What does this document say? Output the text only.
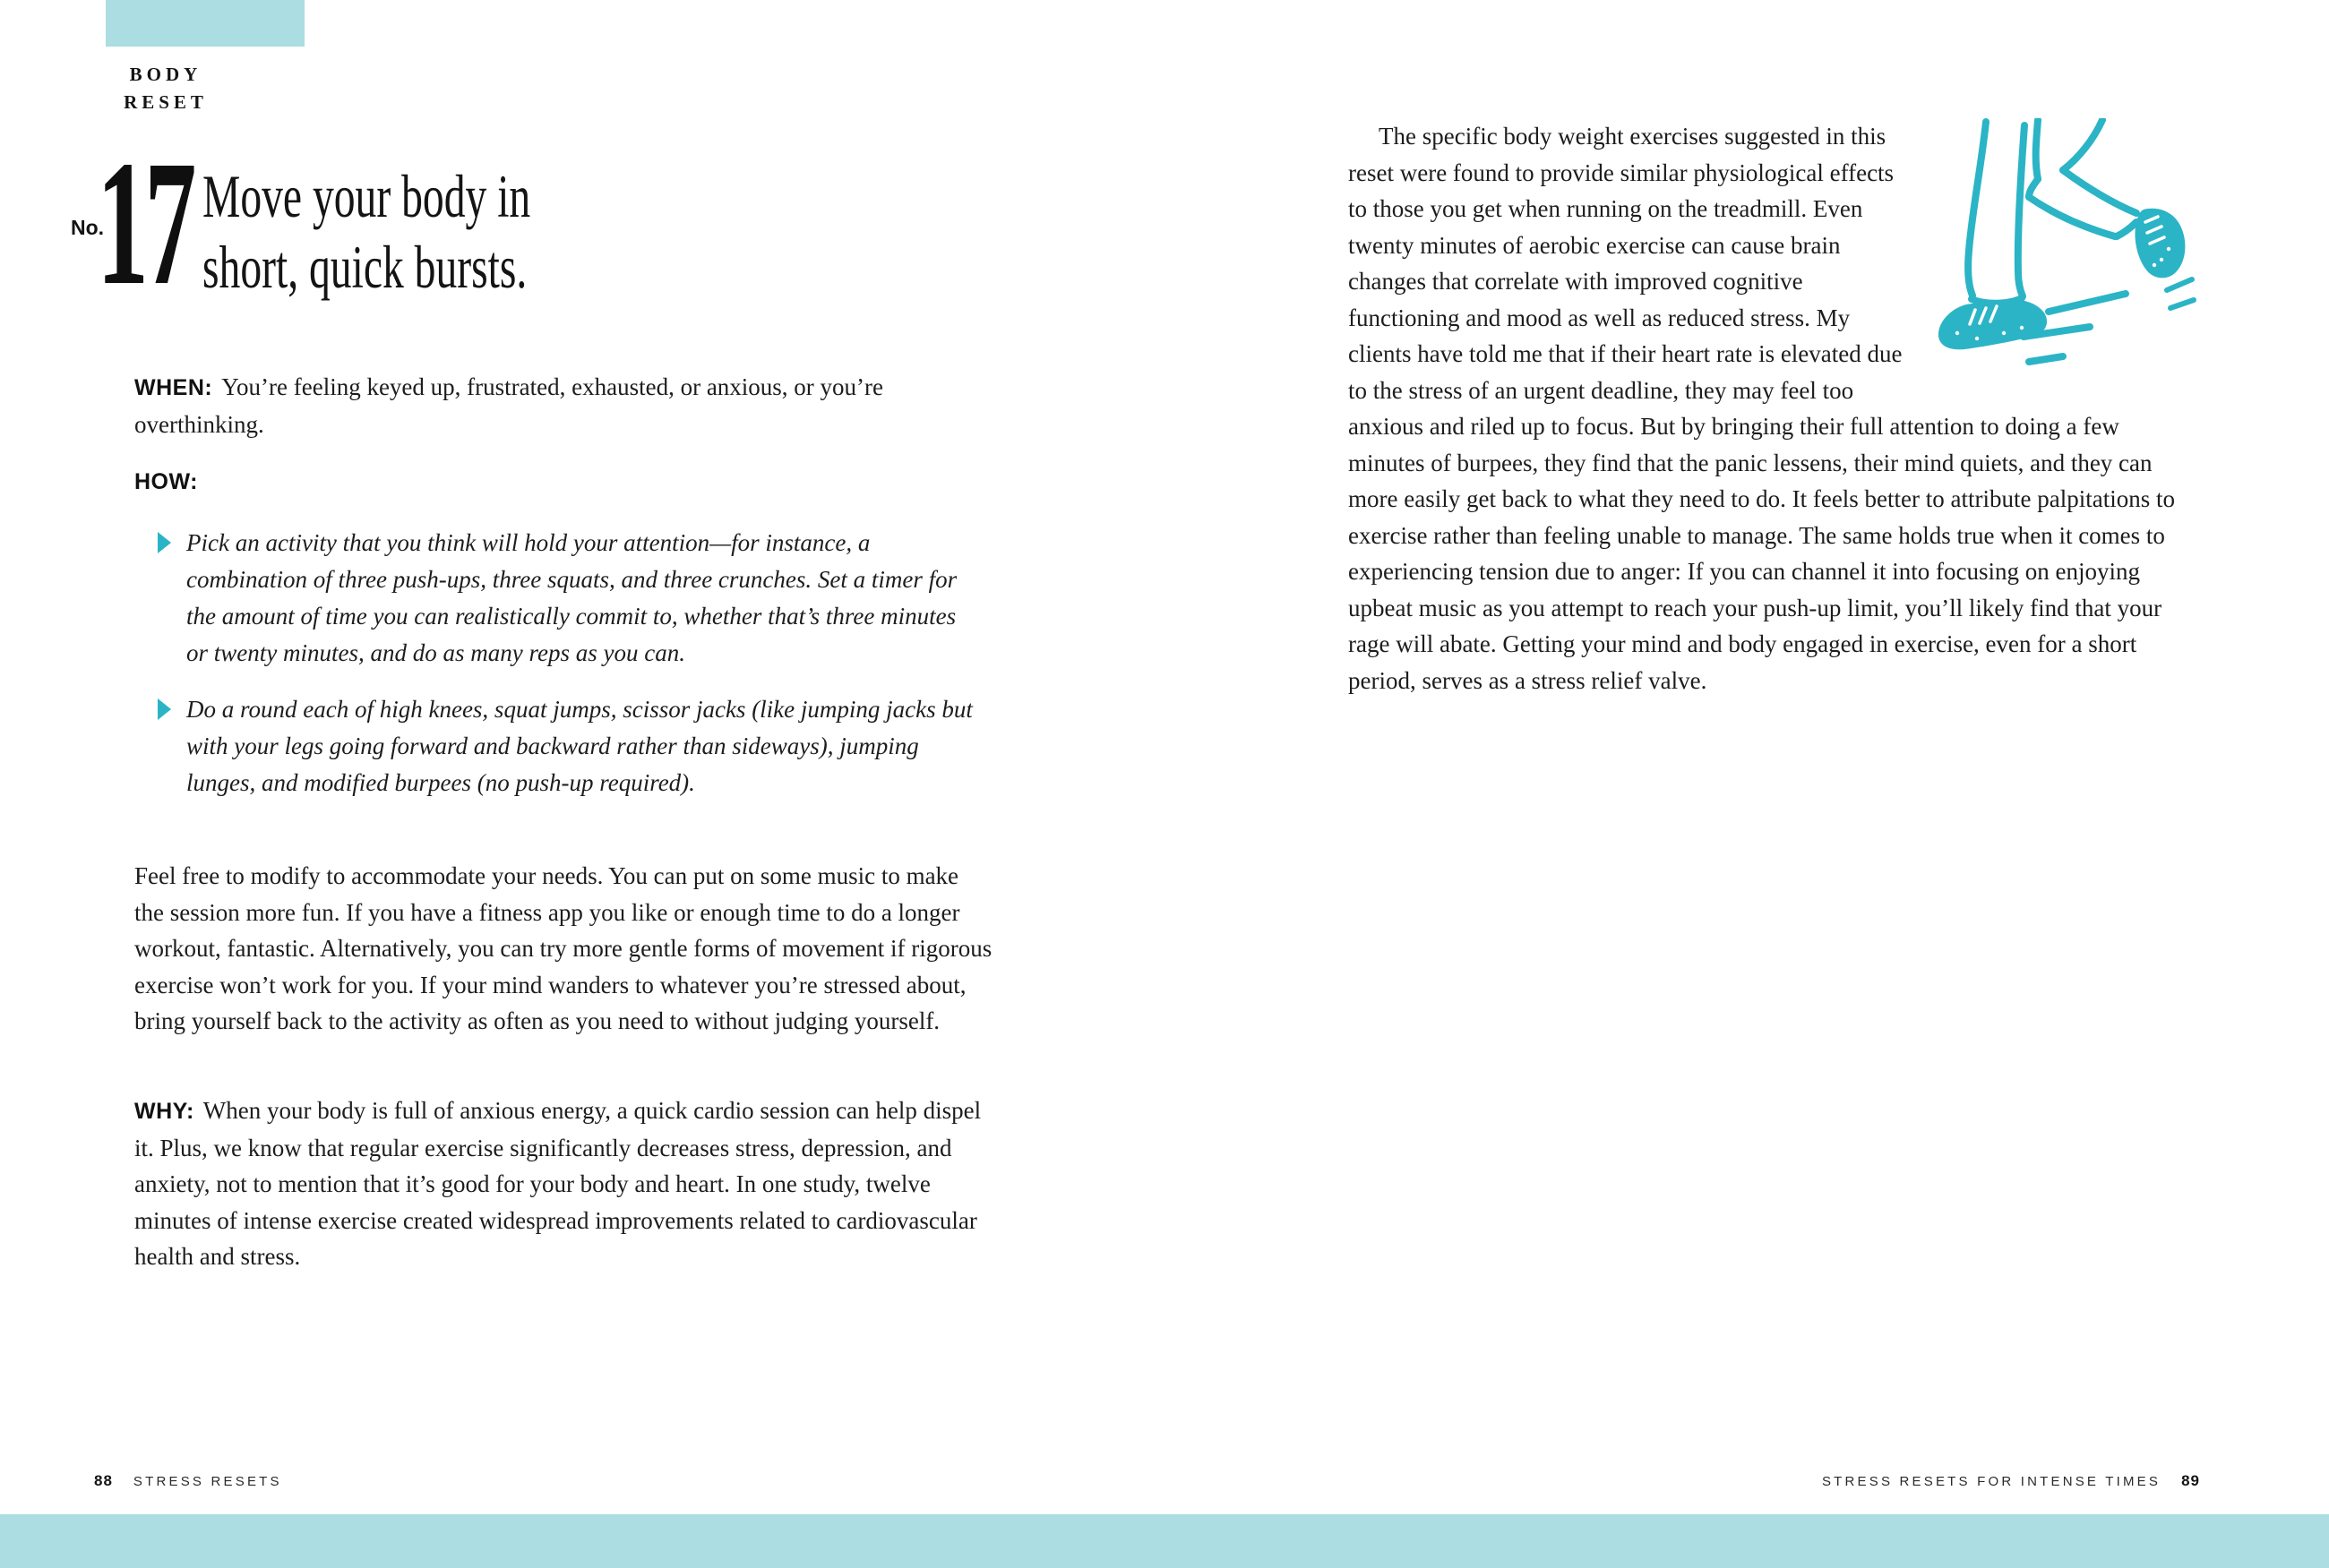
BODY
RESET
No.
17 Move your body in
short, quick bursts.

WHEN: You’re feeling keyed up, frustrated, exhausted, or anxious, or you’re overthinking.

HOW:

Pick an activity that you think will hold your attention—for instance, a combination of three push-ups, three squats, and three crunches. Set a timer for the amount of time you can realistically commit to, whether that’s three minutes or twenty minutes, and do as many reps as you can.
Do a round each of high knees, squat jumps, scissor jacks (like jumping jacks but with your legs going forward and backward rather than sideways), jumping lunges, and modified burpees (no push-up required).

Feel free to modify to accommodate your needs. You can put on some music to make the session more fun. If you have a fitness app you like or enough time to do a longer workout, fantastic. Alternatively, you can try more gentle forms of movement if rigorous exercise won’t work for you. If your mind wanders to whatever you’re stressed about, bring yourself back to the activity as often as you need to without judging yourself.

WHY: When your body is full of anxious energy, a quick cardio session can help dispel it. Plus, we know that regular exercise significantly decreases stress, depression, and anxiety, not to mention that it’s good for your body and heart. In one study, twelve minutes of intense exercise created widespread improvements related to cardiovascular health and stress.

88 STRESS RESETS

The specific body weight exercises suggested in this reset were found to provide similar physiological effects to those you get when running on the treadmill. Even twenty minutes of aerobic exercise can cause brain changes that correlate with improved cognitive functioning and mood as well as reduced stress. My clients have told me that if their heart rate is elevated due to the stress of an urgent deadline, they may feel too anxious and riled up to focus. But by bringing their full attention to doing a few minutes of burpees, they find that the panic lessens, their mind quiets, and they can more easily get back to what they need to do. It feels better to attribute palpitations to exercise rather than feeling unable to manage. The same holds true when it comes to experiencing tension due to anger: If you can channel it into focusing on enjoying upbeat music as you attempt to reach your push-up limit, you’ll likely find that your rage will abate. Getting your mind and body engaged in exercise, even for a short period, serves as a stress relief valve.

STRESS RESETS FOR INTENSE TIMES 89
